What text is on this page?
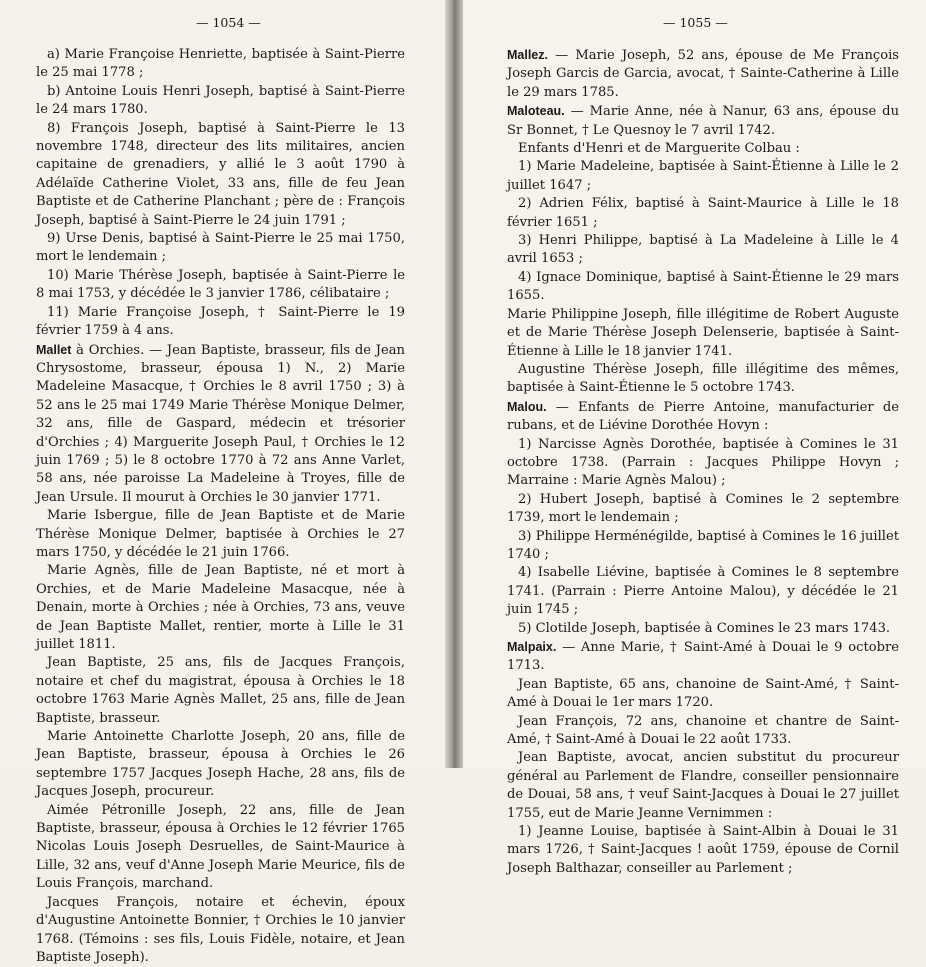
— 1054 —

a) Marie Françoise Henriette, baptisée à Saint-Pierre le 25 mai 1778 ;

b) Antoine Louis Henri Joseph, baptisé à Saint-Pierre le 24 mars 1780.

8) François Joseph, baptisé à Saint-Pierre le 13 novembre 1748, directeur des lits militaires, ancien capitaine de grenadiers, y allié le 3 août 1790 à Adélaïde Catherine Violet, 33 ans, fille de feu Jean Baptiste et de Catherine Planchant ; père de : François Joseph, baptisé à Saint-Pierre le 24 juin 1791 ;

9) Urse Denis, baptisé à Saint-Pierre le 25 mai 1750, mort le lendemain ;

10) Marie Thérèse Joseph, baptisée à Saint-Pierre le 8 mai 1753, y décédée le 3 janvier 1786, célibataire ;

11) Marie Françoise Joseph, † Saint-Pierre le 19 février 1759 à 4 ans.

Mallet à Orchies. — Jean Baptiste, brasseur, fils de Jean Chrysostome, brasseur, épousa 1) N., 2) Marie Madeleine Masacque, † Orchies le 8 avril 1750 ; 3) à 52 ans le 25 mai 1749 Marie Thérèse Monique Delmer, 32 ans, fille de Gaspard, médecin et trésorier d'Orchies ; 4) Marguerite Joseph Paul, † Orchies le 12 juin 1769 ; 5) le 8 octobre 1770 à 72 ans Anne Varlet, 58 ans, née paroisse La Madeleine à Troyes, fille de Jean Ursule. Il mourut à Orchies le 30 janvier 1771.

Marie Isbergue, fille de Jean Baptiste et de Marie Thérèse Monique Delmer, baptisée à Orchies le 27 mars 1750, y décédée le 21 juin 1766.

Marie Agnès, fille de Jean Baptiste, né et mort à Orchies, et de Marie Madeleine Masacque, née à Denain, morte à Orchies ; née à Orchies, 73 ans, veuve de Jean Baptiste Mallet, rentier, morte à Lille le 31 juillet 1811.

Jean Baptiste, 25 ans, fils de Jacques François, notaire et chef du magistrat, épousa à Orchies le 18 octobre 1763 Marie Agnès Mallet, 25 ans, fille de Jean Baptiste, brasseur.

Marie Antoinette Charlotte Joseph, 20 ans, fille de Jean Baptiste, brasseur, épousa à Orchies le 26 septembre 1757 Jacques Joseph Hache, 28 ans, fils de Jacques Joseph, procureur.

Aimée Pétronille Joseph, 22 ans, fille de Jean Baptiste, brasseur, épousa à Orchies le 12 février 1765 Nicolas Louis Joseph Desruelles, de Saint-Maurice à Lille, 32 ans, veuf d'Anne Joseph Marie Meurice, fils de Louis François, marchand.

Jacques François, notaire et échevin, époux d'Augustine Antoinette Bonnier, † Orchies le 10 janvier 1768. (Témoins : ses fils, Louis Fidèle, notaire, et Jean Baptiste Joseph).

— 1055 —

Mallez. — Marie Joseph, 52 ans, épouse de Me François Joseph Garcis de Garcia, avocat, † Sainte-Catherine à Lille le 29 mars 1785.

Maloteau. — Marie Anne, née à Nanur, 63 ans, épouse du Sr Bonnet, † Le Quesnoy le 7 avril 1742.

Enfants d'Henri et de Marguerite Colbau :

1) Marie Madeleine, baptisée à Saint-Étienne à Lille le 2 juillet 1647 ;

2) Adrien Félix, baptisé à Saint-Maurice à Lille le 18 février 1651 ;

3) Henri Philippe, baptisé à La Madeleine à Lille le 4 avril 1653 ;

4) Ignace Dominique, baptisé à Saint-Étienne le 29 mars 1655.

Marie Philippine Joseph, fille illégitime de Robert Auguste et de Marie Thérèse Joseph Delenserie, baptisée à Saint-Étienne à Lille le 18 janvier 1741.

Augustine Thérèse Joseph, fille illégitime des mêmes, baptisée à Saint-Étienne le 5 octobre 1743.

Malou. — Enfants de Pierre Antoine, manufacturier de rubans, et de Liévine Dorothée Hovyn :

1) Narcisse Agnès Dorothée, baptisée à Comines le 31 octobre 1738. (Parrain : Jacques Philippe Hovyn ; Marraine : Marie Agnès Malou) ;

2) Hubert Joseph, baptisé à Comines le 2 septembre 1739, mort le lendemain ;

3) Philippe Herménégilde, baptisé à Comines le 16 juillet 1740 ;

4) Isabelle Liévine, baptisée à Comines le 8 septembre 1741. (Parrain : Pierre Antoine Malou), y décédée le 21 juin 1745 ;

5) Clotilde Joseph, baptisée à Comines le 23 mars 1743.

Malpaix. — Anne Marie, † Saint-Amé à Douai le 9 octobre 1713.

Jean Baptiste, 65 ans, chanoine de Saint-Amé, † Saint-Amé à Douai le 1er mars 1720.

Jean François, 72 ans, chanoine et chantre de Saint-Amé, † Saint-Amé à Douai le 22 août 1733.

Jean Baptiste, avocat, ancien substitut du procureur général au Parlement de Flandre, conseiller pensionnaire de Douai, 58 ans, † veuf Saint-Jacques à Douai le 27 juillet 1755, eut de Marie Jeanne Vernimmen :

1) Jeanne Louise, baptisée à Saint-Albin à Douai le 31 mars 1726, † Saint-Jacques ! août 1759, épouse de Cornil Joseph Balthazar, conseiller au Parlement ;
